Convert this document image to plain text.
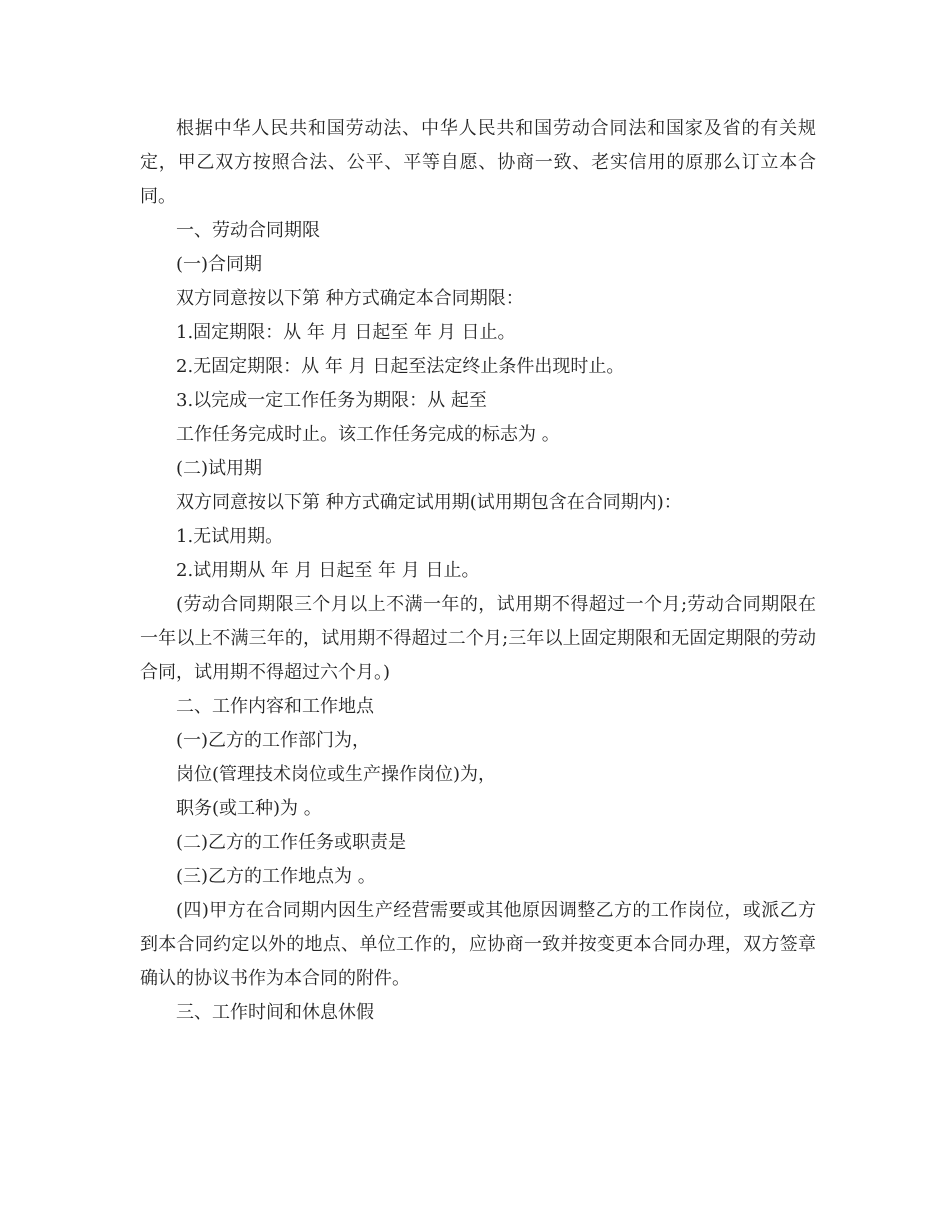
根据中华人民共和国劳动法、中华人民共和国劳动合同法和国家及省的有关规定，甲乙双方按照合法、公平、平等自愿、协商一致、老实信用的原那么订立本合同。

一、劳动合同期限

(一)合同期

双方同意按以下第 种方式确定本合同期限：

1.固定期限：从 年 月 日起至 年 月 日止。

2.无固定期限：从 年 月 日起至法定终止条件出现时止。

3.以完成一定工作任务为期限：从 起至

工作任务完成时止。该工作任务完成的标志为 。

(二)试用期

双方同意按以下第 种方式确定试用期(试用期包含在合同期内)：

1.无试用期。

2.试用期从 年 月 日起至 年 月 日止。

(劳动合同期限三个月以上不满一年的，试用期不得超过一个月;劳动合同期限在一年以上不满三年的，试用期不得超过二个月;三年以上固定期限和无固定期限的劳动合同，试用期不得超过六个月。)

二、工作内容和工作地点

(一)乙方的工作部门为，

岗位(管理技术岗位或生产操作岗位)为，

职务(或工种)为 。

(二)乙方的工作任务或职责是

(三)乙方的工作地点为 。

(四)甲方在合同期内因生产经营需要或其他原因调整乙方的工作岗位，或派乙方到本合同约定以外的地点、单位工作的，应协商一致并按变更本合同办理，双方签章确认的协议书作为本合同的附件。

三、工作时间和休息休假
